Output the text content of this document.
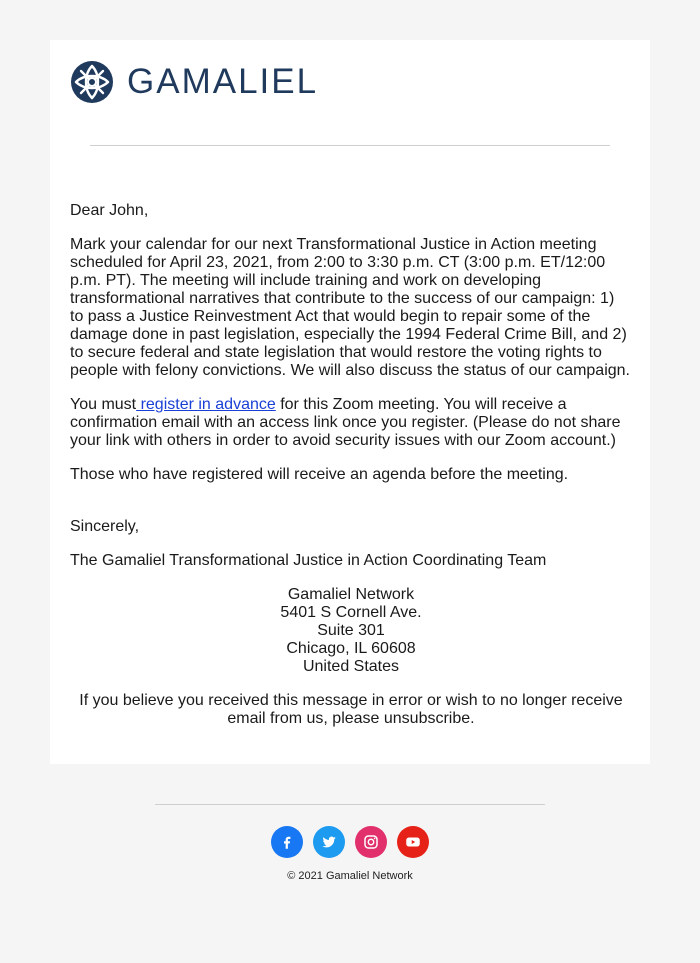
GAMALIEL

Dear John,

Mark your calendar for our next Transformational Justice in Action meeting scheduled for April 23, 2021, from 2:00 to 3:30 p.m. CT (3:00 p.m. ET/12:00 p.m. PT). The meeting will include training and work on developing transformational narratives that contribute to the success of our campaign: 1) to pass a Justice Reinvestment Act that would begin to repair some of the damage done in past legislation, especially the 1994 Federal Crime Bill, and 2) to secure federal and state legislation that would restore the voting rights to people with felony convictions. We will also discuss the status of our campaign.

You must register in advance for this Zoom meeting. You will receive a confirmation email with an access link once you register. (Please do not share your link with others in order to avoid security issues with our Zoom account.)

Those who have registered will receive an agenda before the meeting.

Sincerely,

The Gamaliel Transformational Justice in Action Coordinating Team

Gamaliel Network
5401 S Cornell Ave.
Suite 301
Chicago, IL 60608
United States

If you believe you received this message in error or wish to no longer receive email from us, please unsubscribe.

© 2021 Gamaliel Network
